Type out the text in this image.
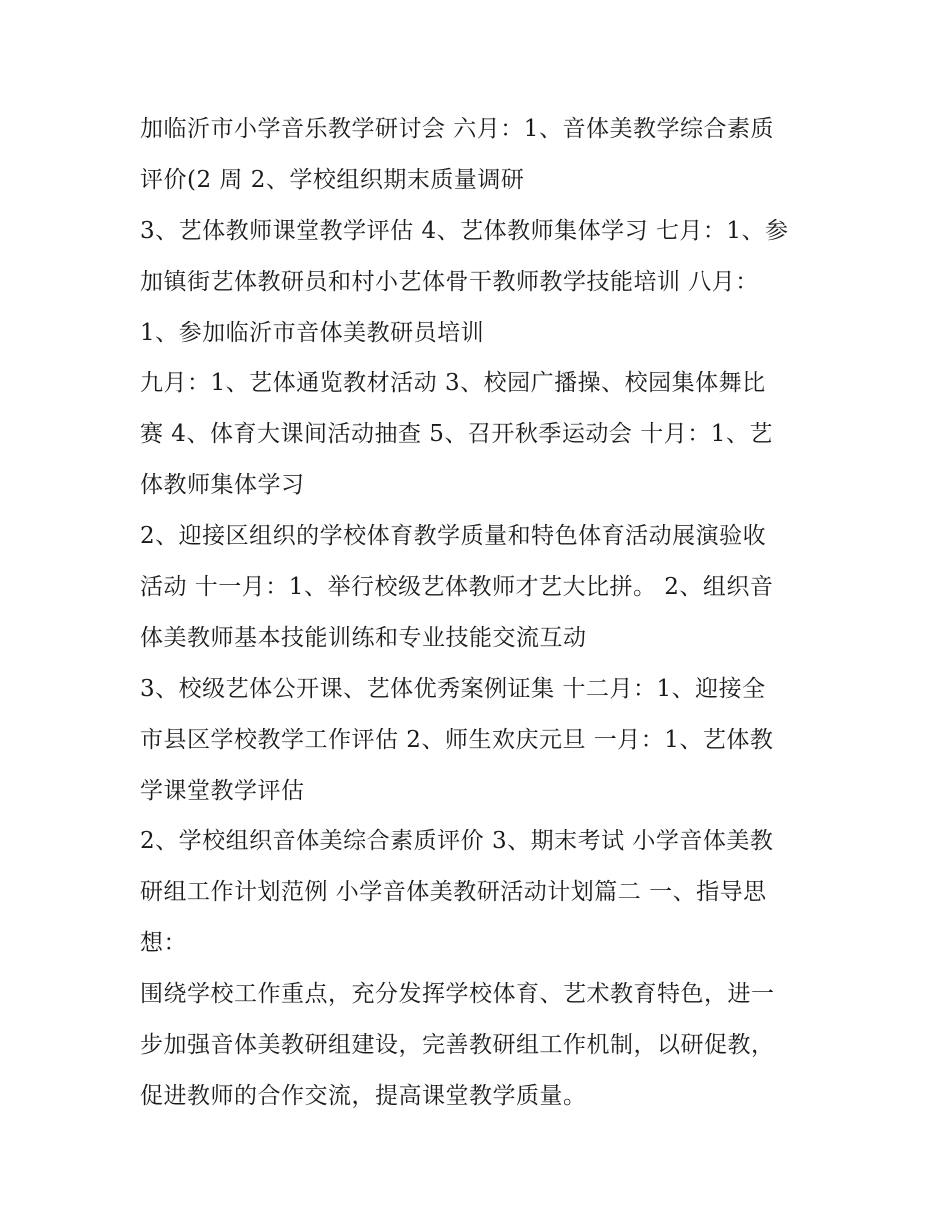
加临沂市小学音乐教学研讨会 六月：1、音体美教学综合素质
评价(2 周 2、学校组织期末质量调研
3、艺体教师课堂教学评估 4、艺体教师集体学习 七月：1、参
加镇街艺体教研员和村小艺体骨干教师教学技能培训 八月：
1、参加临沂市音体美教研员培训
九月：1、艺体通览教材活动 3、校园广播操、校园集体舞比
赛 4、体育大课间活动抽查 5、召开秋季运动会 十月：1、艺
体教师集体学习
2、迎接区组织的学校体育教学质量和特色体育活动展演验收
活动 十一月：1、举行校级艺体教师才艺大比拼。 2、组织音
体美教师基本技能训练和专业技能交流互动
3、校级艺体公开课、艺体优秀案例证集 十二月：1、迎接全
市县区学校教学工作评估 2、师生欢庆元旦 一月：1、艺体教
学课堂教学评估
2、学校组织音体美综合素质评价 3、期末考试 小学音体美教
研组工作计划范例 小学音体美教研活动计划篇二 一、指导思
想：
围绕学校工作重点，充分发挥学校体育、艺术教育特色，进一
步加强音体美教研组建设，完善教研组工作机制，以研促教，
促进教师的合作交流，提高课堂教学质量。
